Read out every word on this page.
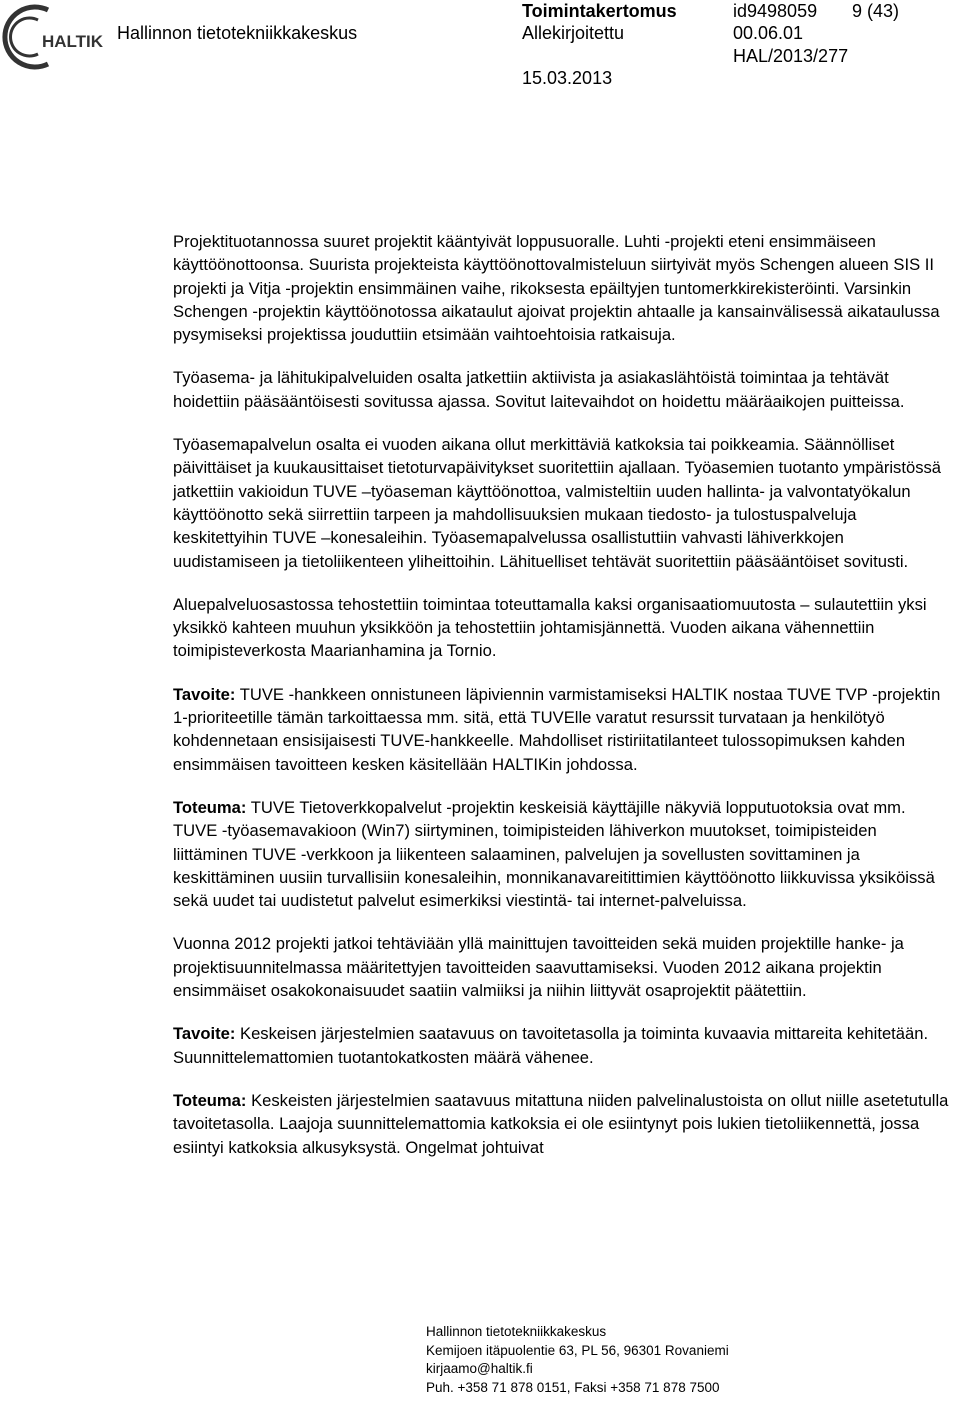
HALTIK Hallinnon tietotekniikkakeskus
Toimintakertomus
Allekirjoitettu
15.03.2013
id9498059 9 (43)
00.06.01
HAL/2013/277

Projektituotannossa suuret projektit kääntyivät loppusuoralle. Luhti -projekti eteni ensimmäiseen käyttöönottoonsa. Suurista projekteista käyttöönottovalmisteluun siirtyivät myös Schengen alueen SIS II projekti ja Vitja -projektin ensimmäinen vaihe, rikoksesta epäiltyjen tuntomerkkirekisteröinti. Varsinkin Schengen -projektin käyttöönotossa aikataulut ajoivat projektin ahtaalle ja kansainvälisessä aikataulussa pysymiseksi projektissa jouduttiin etsimään vaihtoehtoisia ratkaisuja.

Työasema- ja lähitukipalveluiden osalta jatkettiin aktiivista ja asiakaslähtöistä toimintaa ja tehtävät hoidettiin pääsääntöisesti sovitussa ajassa. Sovitut laitevaihdot on hoidettu määräaikojen puitteissa.

Työasemapalvelun osalta ei vuoden aikana ollut merkittäviä katkoksia tai poikkeamia. Säännölliset päivittäiset ja kuukausittaiset tietoturvapäivitykset suoritettiin ajallaan. Työasemien tuotanto ympäristössä jatkettiin vakioidun TUVE –työaseman käyttöönottoa, valmisteltiin uuden hallinta- ja valvontatyökalun käyttöönotto sekä siirrettiin tarpeen ja mahdollisuuksien mukaan tiedosto- ja tulostuspalveluja keskitettyihin TUVE –konesaleihin. Työasemapalvelussa osallistuttiin vahvasti lähiverkkojen uudistamiseen ja tietoliikenteen yliheittoihin. Lähituelliset tehtävät suoritettiin pääsääntöiset sovitusti.

Aluepalveluosastossa tehostettiin toimintaa toteuttamalla kaksi organisaatiomuutosta – sulautettiin yksi yksikkö kahteen muuhun yksikköön ja tehostettiin johtamisjännettä. Vuoden aikana vähennettiin toimipisteverkosta Maarianhamina ja Tornio.

Tavoite: TUVE -hankkeen onnistuneen läpiviennin varmistamiseksi HALTIK nostaa TUVE TVP -projektin 1-prioriteetille tämän tarkoittaessa mm. sitä, että TUVElle varatut resurssit turvataan ja henkilötyö kohdennetaan ensisijaisesti TUVE-hankkeelle. Mahdolliset ristiriitatilanteet tulossopimuksen kahden ensimmäisen tavoitteen kesken käsitellään HALTIKin johdossa.

Toteuma: TUVE Tietoverkkopalvelut -projektin keskeisiä käyttäjille näkyviä lopputuotoksia ovat mm. TUVE -työasemavakioon (Win7) siirtyminen, toimipisteiden lähiverkon muutokset, toimipisteiden liittäminen TUVE -verkkoon ja liikenteen salaaminen, palvelujen ja sovellusten sovittaminen ja keskittäminen uusiin turvallisiin konesaleihin, monnikanavareitittimien käyttöönotto liikkuvissa yksiköissä sekä uudet tai uudistetut palvelut esimerkiksi viestintä- tai internet-palveluissa.

Vuonna 2012 projekti jatkoi tehtäviään yllä mainittujen tavoitteiden sekä muiden projektille hanke- ja projektisuunnitelmassa määritettyjen tavoitteiden saavuttamiseksi. Vuoden 2012 aikana projektin ensimmäiset osakokonaisuudet saatiin valmiiksi ja niihin liittyvät osaprojektit päätettiin.

Tavoite: Keskeisen järjestelmien saatavuus on tavoitetasolla ja toiminta kuvaavia mittareita kehitetään. Suunnittelemattomien tuotantokatkosten määrä vähenee.

Toteuma: Keskeisten järjestelmien saatavuus mitattuna niiden palvelinalustoista on ollut niille asetetutulla tavoitetasolla. Laajoja suunnittelemattomia katkoksia ei ole esiintynyt pois lukien tietoliikennettä, jossa esiintyi katkoksia alkusyksystä. Ongelmat johtuivat

Hallinnon tietotekniikkakeskus
Kemijoen itäpuolentie 63, PL 56, 96301 Rovaniemi
kirjaamo@haltik.fi
Puh. +358 71 878 0151, Faksi +358 71 878 7500
